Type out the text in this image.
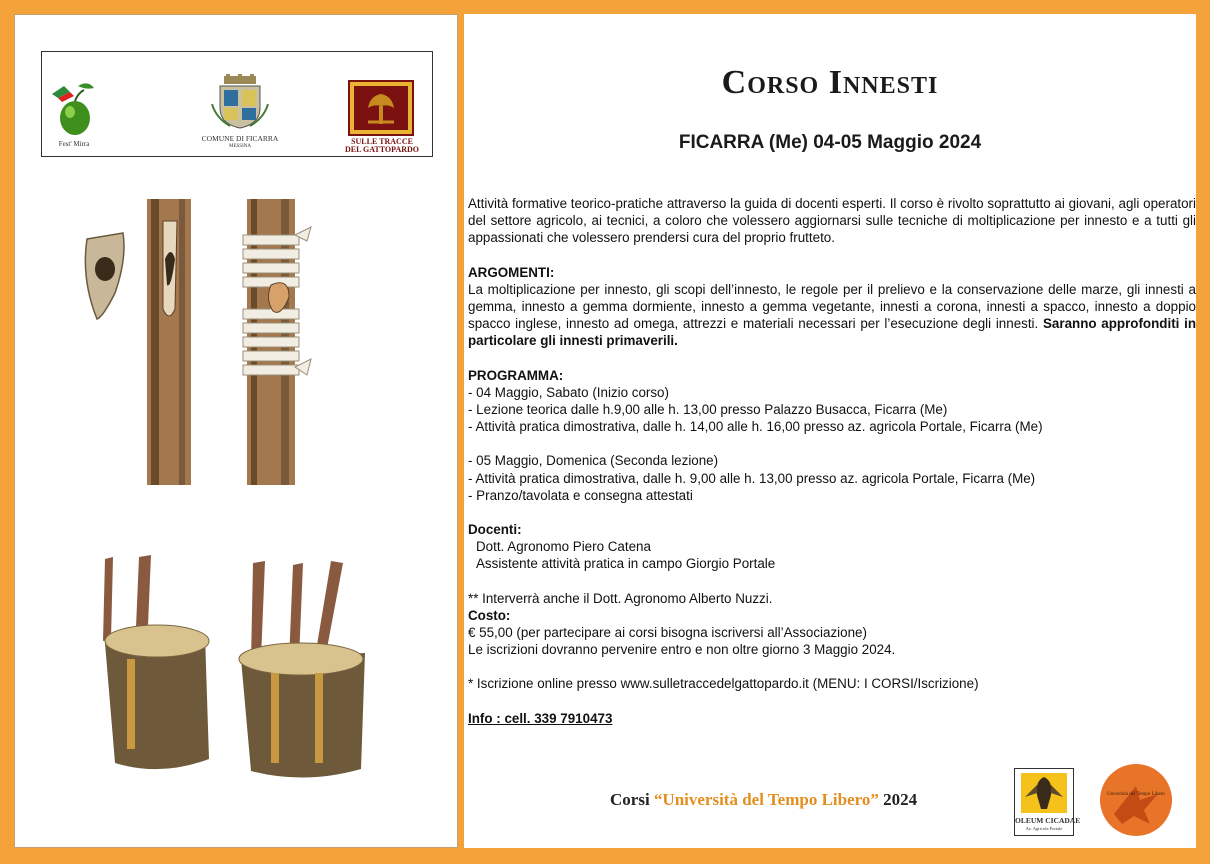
Fest' Mirra
COMUNE DI FICARRA
MESSINA
SULLE TRACCE DEL GATTOPARDO
Corso Innesti
FICARRA (Me) 04-05 Maggio 2024

Attività formative teorico-pratiche attraverso la guida di docenti esperti. Il corso è rivolto soprattutto ai giovani, agli operatori del settore agricolo, ai tecnici, a coloro che volessero aggiornarsi sulle tecniche di moltiplicazione per innesto e a tutti gli appassionati che volessero prendersi cura del proprio frutteto.

ARGOMENTI:

La moltiplicazione per innesto, gli scopi dell’innesto, le regole per il prelievo e la conservazione delle marze, gli innesti a gemma, innesto a gemma dormiente, innesto a gemma vegetante, innesti a corona, innesti a spacco, innesto a doppio spacco inglese, innesto ad omega, attrezzi e materiali necessari per l’esecuzione degli innesti. Saranno approfonditi in particolare gli innesti primaverili.

PROGRAMMA:

- 04 Maggio, Sabato (Inizio corso)

- Lezione teorica dalle h.9,00 alle h. 13,00 presso Palazzo Busacca, Ficarra (Me)

- Attività pratica dimostrativa, dalle h. 14,00 alle h. 16,00 presso az. agricola Portale, Ficarra (Me)

- 05 Maggio, Domenica (Seconda lezione)

- Attività pratica dimostrativa, dalle h. 9,00 alle h. 13,00 presso az. agricola Portale, Ficarra (Me)

- Pranzo/tavolata e consegna attestati

Docenti:

Dott. Agronomo Piero Catena

Assistente attività pratica in campo Giorgio Portale

** Interverrà anche il Dott. Agronomo Alberto Nuzzi.

Costo:

€ 55,00 (per partecipare ai corsi bisogna iscriversi all’Associazione)

Le iscrizioni dovranno pervenire entro e non oltre giorno 3 Maggio 2024.

* Iscrizione online presso www.sulletraccedelgattopardo.it (MENU: I CORSI/Iscrizione)

Info : cell. 339 7910473

Corsi “Università del Tempo Libero” 2024
OLEUM CICADAE
Az. Agricola Portale
Università del Tempo Libero
